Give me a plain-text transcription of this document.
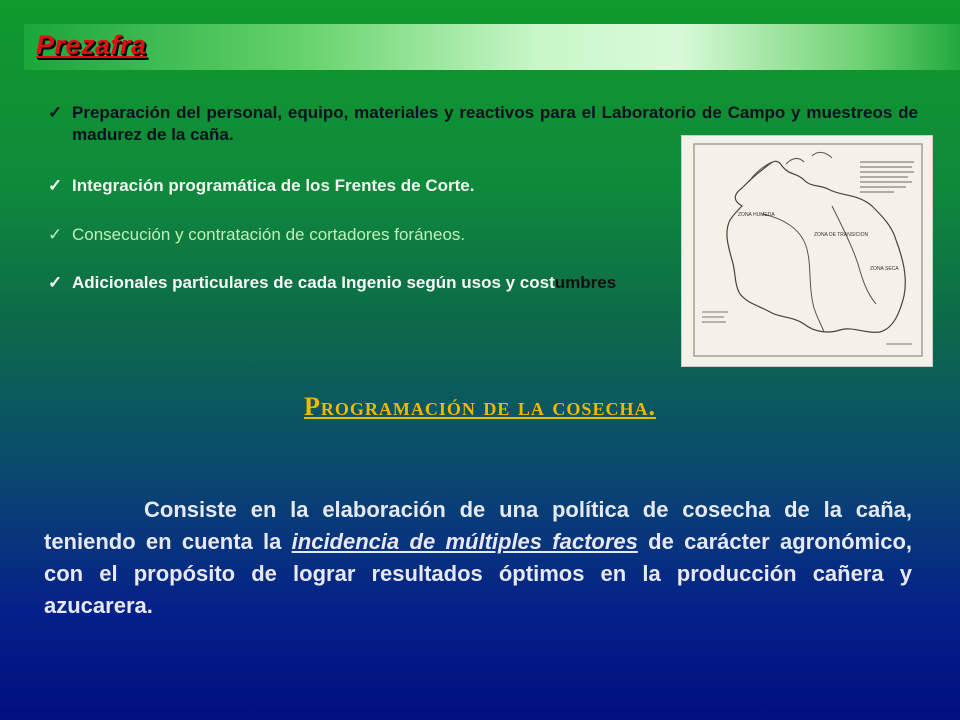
Prezafra
✓ Preparación del personal, equipo, materiales y reactivos para el Laboratorio de Campo y muestreos de madurez de la caña.
✓ Integración programática de los Frentes de Corte.
✓ Consecución y contratación de cortadores foráneos.
✓ Adicionales particulares de cada Ingenio según usos y costumbres
ZONA HUMEDA
ZONA DE TRANSICION
ZONA SECA
Programación de la cosecha.
Consiste en la elaboración de una política de cosecha de la caña, teniendo en cuenta la incidencia de múltiples factores de carácter agronómico, con el propósito de lograr resultados óptimos en la producción cañera y azucarera.
